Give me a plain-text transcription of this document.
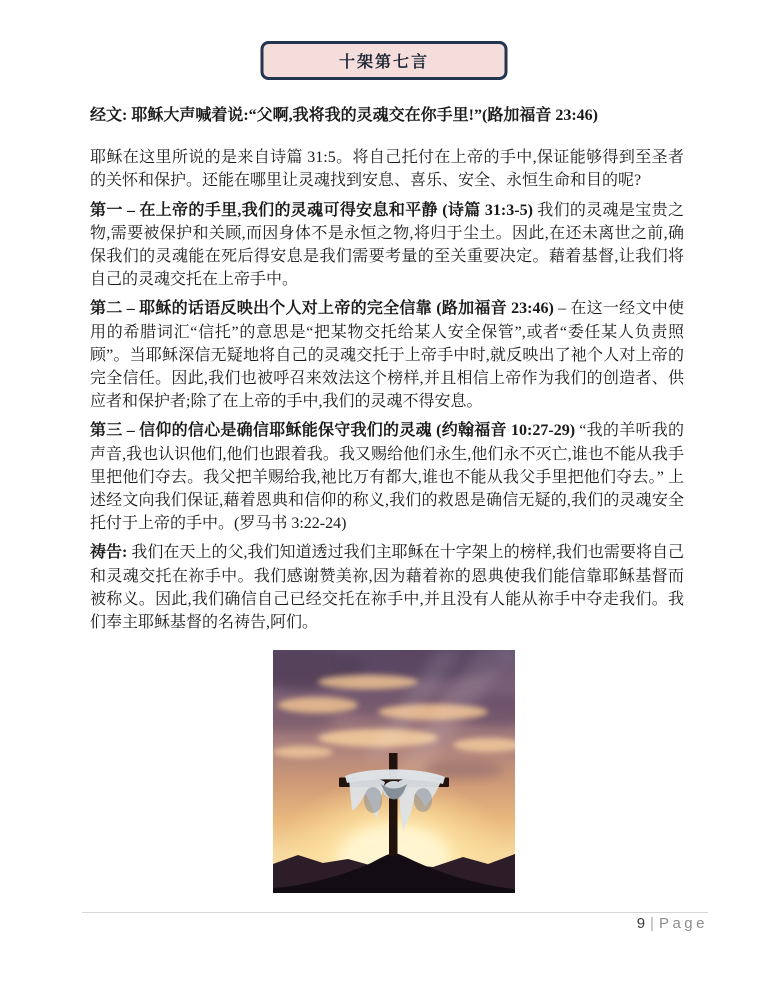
十架第七言

经文: 耶稣大声喊着说:“父啊,我将我的灵魂交在你手里!”(路加福音 23:46)

耶稣在这里所说的是来自诗篇 31:5。将自己托付在上帝的手中,保证能够得到至圣者的关怀和保护。还能在哪里让灵魂找到安息、喜乐、安全、永恒生命和目的呢?

第一 – 在上帝的手里,我们的灵魂可得安息和平静 (诗篇 31:3-5) 我们的灵魂是宝贵之物,需要被保护和关顾,而因身体不是永恒之物,将归于尘土。因此,在还未离世之前,确保我们的灵魂能在死后得安息是我们需要考量的至关重要决定。藉着基督,让我们将自己的灵魂交托在上帝手中。

第二 – 耶稣的话语反映出个人对上帝的完全信靠 (路加福音 23:46) – 在这一经文中使用的希腊词汇“信托”的意思是“把某物交托给某人安全保管”,或者“委任某人负责照顾”。当耶稣深信无疑地将自己的灵魂交托于上帝手中时,就反映出了祂个人对上帝的完全信任。因此,我们也被呼召来效法这个榜样,并且相信上帝作为我们的创造者、供应者和保护者;除了在上帝的手中,我们的灵魂不得安息。

第三 – 信仰的信心是确信耶稣能保守我们的灵魂 (约翰福音 10:27-29) “我的羊听我的声音,我也认识他们,他们也跟着我。我又赐给他们永生,他们永不灭亡,谁也不能从我手里把他们夺去。我父把羊赐给我,祂比万有都大,谁也不能从我父手里把他们夺去。” 上述经文向我们保证,藉着恩典和信仰的称义,我们的救恩是确信无疑的,我们的灵魂安全托付于上帝的手中。(罗马书 3:22-24)

祷告: 我们在天上的父,我们知道透过我们主耶稣在十字架上的榜样,我们也需要将自己和灵魂交托在祢手中。我们感谢赞美祢,因为藉着祢的恩典使我们能信靠耶稣基督而被称义。因此,我们确信自己已经交托在祢手中,并且没有人能从祢手中夺走我们。我们奉主耶稣基督的名祷告,阿们。

9 | Page
